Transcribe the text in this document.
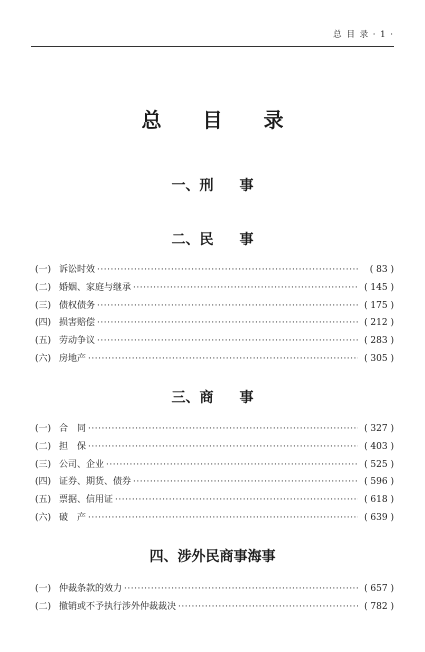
总 目 录 · 1 ·
总 目 录
一、刑 事
二、民 事
(一) 诉讼时效 ·····	( 83 )
(二) 婚姻、家庭与继承 ·····	( 145 )
(三) 债权债务 ·····	( 175 )
(四) 损害赔偿 ·····	( 212 )
(五) 劳动争议 ·····	( 283 )
(六) 房地产 ·····	( 305 )
三、商 事
(一) 合　同 ·····	( 327 )
(二) 担　保 ·····	( 403 )
(三) 公司、企业 ·····	( 525 )
(四) 证券、期货、债券 ·····	( 596 )
(五) 票据、信用证 ·····	( 618 )
(六) 破　产 ·····	( 639 )
四、涉外民商事海事
(一) 仲裁条款的效力 ·····	( 657 )
(二) 撤销或不予执行涉外仲裁裁决 ·····	( 782 )
